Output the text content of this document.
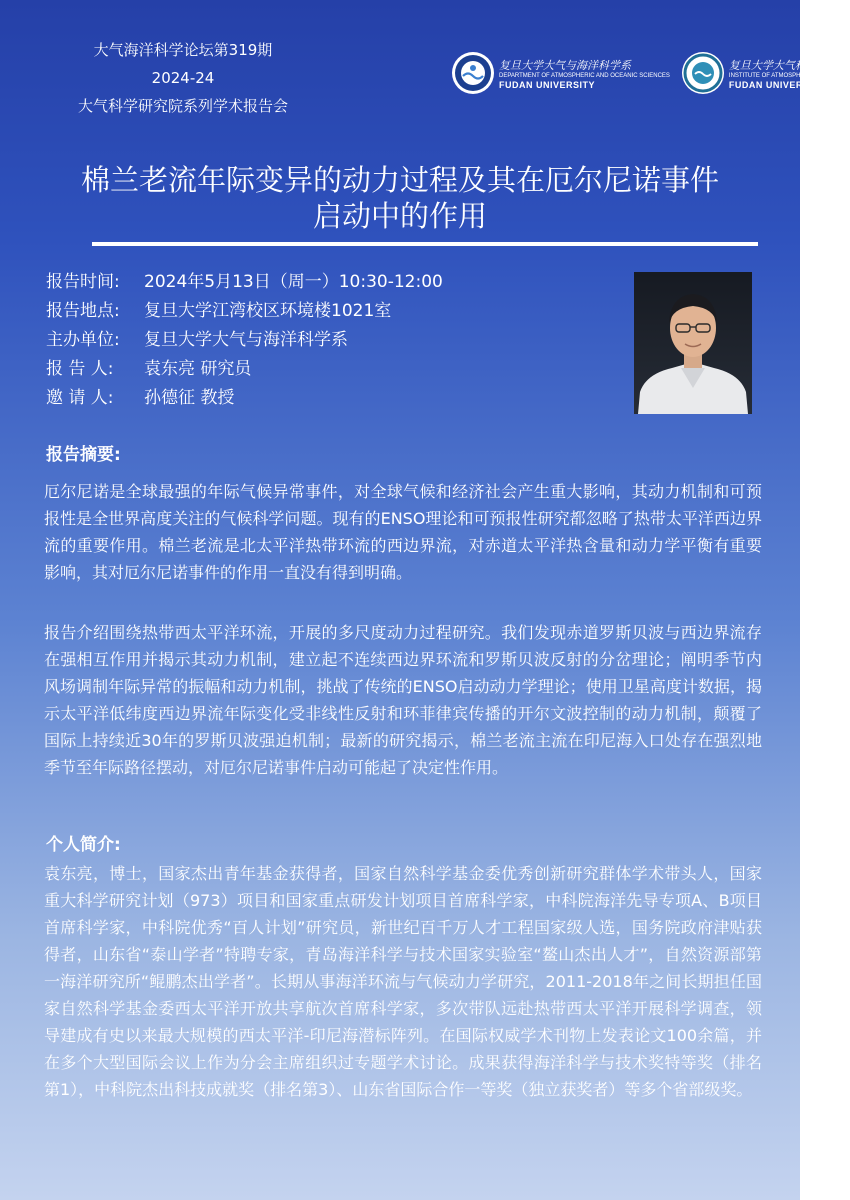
大气海洋科学论坛第319期
2024-24
大气科学研究院系列学术报告会
复旦大学大气与海洋科学系
DEPARTMENT OF ATMOSPHERIC AND OCEANIC SCIENCES
FUDAN UNIVERSITY
复旦大学大气科学研究院
INSTITUTE OF ATMOSPHERIC SCIENCES
FUDAN UNIVERSITY
棉兰老流年际变异的动力过程及其在厄尔尼诺事件
启动中的作用
报告时间: 2024年5月13日（周一）10:30-12:00
报告地点: 复旦大学江湾校区环境楼1021室
主办单位: 复旦大学大气与海洋科学系
报 告 人: 袁东亮 研究员
邀 请 人: 孙德征 教授
报告摘要:

厄尔尼诺是全球最强的年际气候异常事件，对全球气候和经济社会产生重大影响，其动力机制和可预报性是全世界高度关注的气候科学问题。现有的ENSO理论和可预报性研究都忽略了热带太平洋西边界流的重要作用。棉兰老流是北太平洋热带环流的西边界流，对赤道太平洋热含量和动力学平衡有重要影响，其对厄尔尼诺事件的作用一直没有得到明确。

报告介绍围绕热带西太平洋环流，开展的多尺度动力过程研究。我们发现赤道罗斯贝波与西边界流存在强相互作用并揭示其动力机制，建立起不连续西边界环流和罗斯贝波反射的分岔理论；阐明季节内风场调制年际异常的振幅和动力机制，挑战了传统的ENSO启动动力学理论；使用卫星高度计数据，揭示太平洋低纬度西边界流年际变化受非线性反射和环菲律宾传播的开尔文波控制的动力机制，颠覆了国际上持续近30年的罗斯贝波强迫机制；最新的研究揭示，棉兰老流主流在印尼海入口处存在强烈地季节至年际路径摆动，对厄尔尼诺事件启动可能起了决定性作用。

个人简介:

袁东亮，博士，国家杰出青年基金获得者，国家自然科学基金委优秀创新研究群体学术带头人，国家重大科学研究计划（973）项目和国家重点研发计划项目首席科学家，中科院海洋先导专项A、B项目首席科学家，中科院优秀“百人计划”研究员，新世纪百千万人才工程国家级人选，国务院政府津贴获得者，山东省“泰山学者”特聘专家，青岛海洋科学与技术国家实验室“鳌山杰出人才”，自然资源部第一海洋研究所“鲲鹏杰出学者”。长期从事海洋环流与气候动力学研究，2011-2018年之间长期担任国家自然科学基金委西太平洋开放共享航次首席科学家，多次带队远赴热带西太平洋开展科学调查，领导建成有史以来最大规模的西太平洋-印尼海潜标阵列。在国际权威学术刊物上发表论文100余篇，并在多个大型国际会议上作为分会主席组织过专题学术讨论。成果获得海洋科学与技术奖特等奖（排名第1），中科院杰出科技成就奖（排名第3）、山东省国际合作一等奖（独立获奖者）等多个省部级奖。
